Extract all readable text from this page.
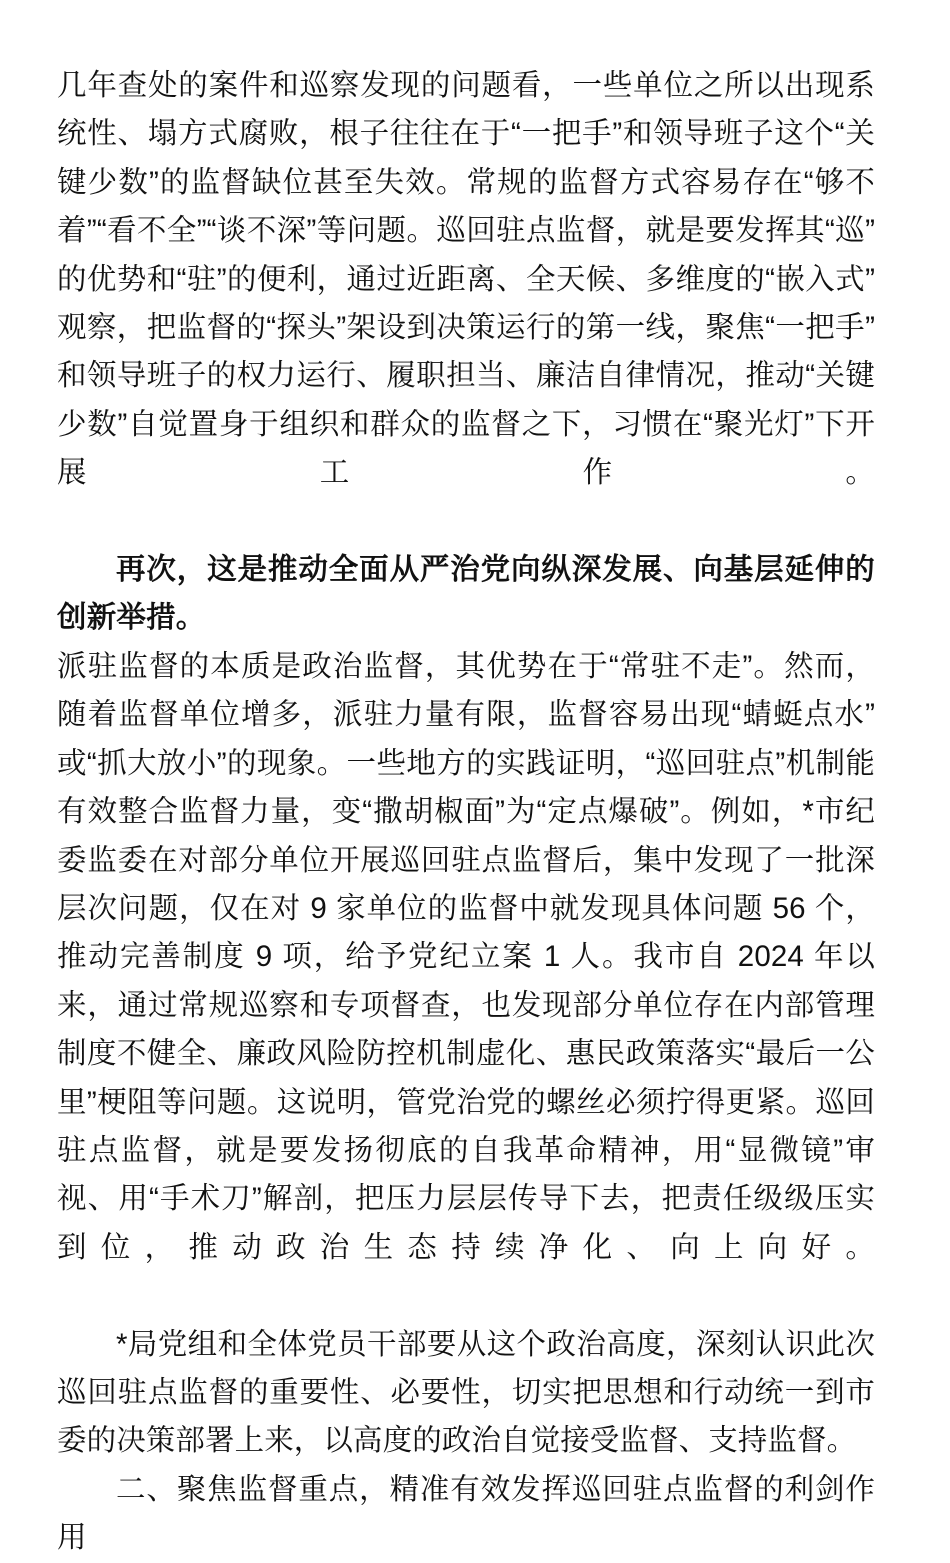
几年查处的案件和巡察发现的问题看，一些单位之所以出现系统性、塌方式腐败，根子往往在于“一把手”和领导班子这个“关键少数”的监督缺位甚至失效。常规的监督方式容易存在“够不着”“看不全”“谈不深”等问题。巡回驻点监督，就是要发挥其“巡”的优势和“驻”的便利，通过近距离、全天候、多维度的“嵌入式”观察，把监督的“探头”架设到决策运行的第一线，聚焦“一把手”和领导班子的权力运行、履职担当、廉洁自律情况，推动“关键少数”自觉置身于组织和群众的监督之下，习惯在“聚光灯”下开展工作。

再次，这是推动全面从严治党向纵深发展、向基层延伸的创新举措。

派驻监督的本质是政治监督，其优势在于“常驻不走”。然而，随着监督单位增多，派驻力量有限，监督容易出现“蜻蜓点水”或“抓大放小”的现象。一些地方的实践证明，“巡回驻点”机制能有效整合监督力量，变“撒胡椒面”为“定点爆破”。例如，*市纪委监委在对部分单位开展巡回驻点监督后，集中发现了一批深层次问题，仅在对 9 家单位的监督中就发现具体问题 56 个，推动完善制度 9 项，给予党纪立案 1 人。我市自 2024 年以来，通过常规巡察和专项督查，也发现部分单位存在内部管理制度不健全、廉政风险防控机制虚化、惠民政策落实“最后一公里”梗阻等问题。这说明，管党治党的螺丝必须拧得更紧。巡回驻点监督，就是要发扬彻底的自我革命精神，用“显微镜”审视、用“手术刀”解剖，把压力层层传导下去，把责任级级压实到位，推动政治生态持续净化、向上向好。

*局党组和全体党员干部要从这个政治高度，深刻认识此次巡回驻点监督的重要性、必要性，切实把思想和行动统一到市委的决策部署上来，以高度的政治自觉接受监督、支持监督。

二、聚焦监督重点，精准有效发挥巡回驻点监督的利剑作用
